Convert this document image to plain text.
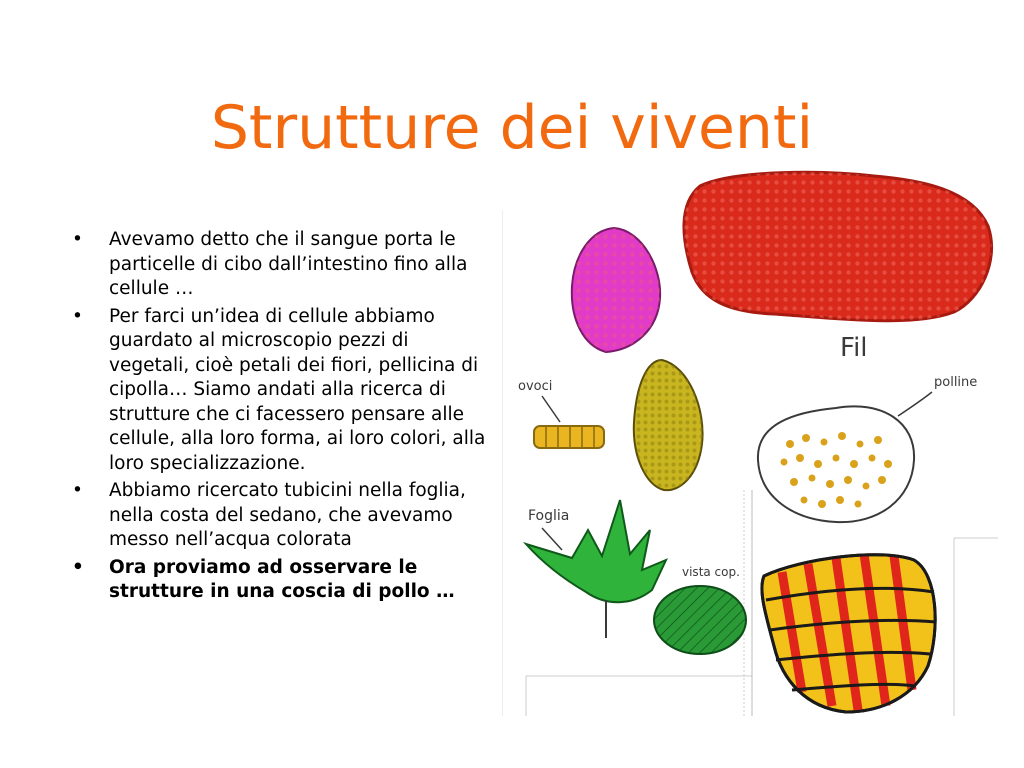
Strutture dei viventi
• Avevamo detto che il sangue porta le particelle di cibo dall’intestino fino alla cellule …
• Per farci un’idea di cellule abbiamo guardato al microscopio pezzi di vegetali, cioè petali dei fiori, pellicina di cipolla… Siamo andati alla ricerca di strutture che ci facessero pensare alle cellule, alla loro forma, ai loro colori, alla loro specializzazione.
• Abbiamo ricercato tubicini nella foglia, nella costa del sedano, che avevamo messo nell’acqua colorata
• Ora proviamo ad osservare le strutture in una coscia di pollo …
Fil
ovoci	polline
Foglia
vista cop.
